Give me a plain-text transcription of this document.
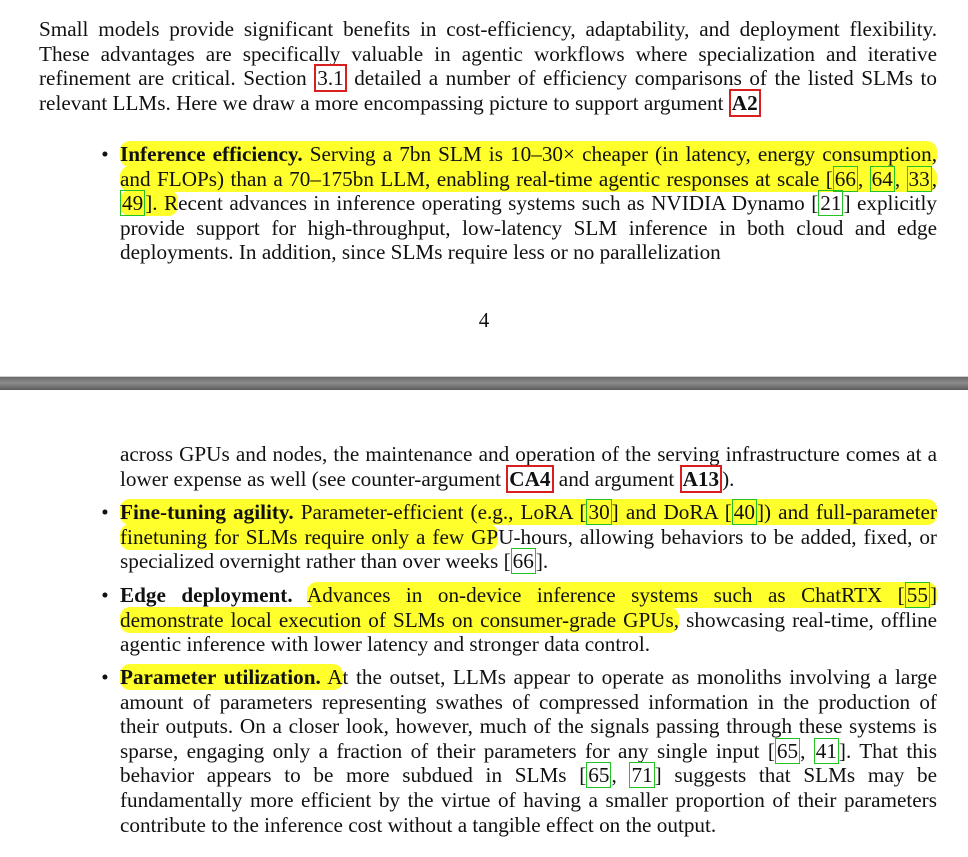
Small models provide significant benefits in cost-efficiency, adaptability, and deployment flexibility. These advantages are specifically valuable in agentic workflows where specialization and iterative refinement are critical. Section 3.1 detailed a number of efficiency comparisons of the listed SLMs to relevant LLMs. Here we draw a more encompassing picture to support argument A2
• Inference efficiency. Serving a 7bn SLM is 10–30× cheaper (in latency, energy consumption, and FLOPs) than a 70–175bn LLM, enabling real-time agentic responses at scale [66, 64, 33, 49]. Recent advances in inference operating systems such as NVIDIA Dynamo [21] explicitly provide support for high-throughput, low-latency SLM inference in both cloud and edge deployments. In addition, since SLMs require less or no parallelization
4
across GPUs and nodes, the maintenance and operation of the serving infrastructure comes at a lower expense as well (see counter-argument CA4 and argument A13 ).
• Fine-tuning agility. Parameter-efficient (e.g., LoRA [30] and DoRA [40]) and full-parameter finetuning for SLMs require only a few GPU-hours, allowing behaviors to be added, fixed, or specialized overnight rather than over weeks [66].
• Edge deployment. Advances in on-device inference systems such as ChatRTX [55] demonstrate local execution of SLMs on consumer-grade GPUs, showcasing real-time, offline agentic inference with lower latency and stronger data control.
• Parameter utilization. At the outset, LLMs appear to operate as monoliths involving a large amount of parameters representing swathes of compressed information in the production of their outputs. On a closer look, however, much of the signals passing through these systems is sparse, engaging only a fraction of their parameters for any single input [65, 41]. That this behavior appears to be more subdued in SLMs [65, 71] suggests that SLMs may be fundamentally more efficient by the virtue of having a smaller proportion of their parameters contribute to the inference cost without a tangible effect on the output.
